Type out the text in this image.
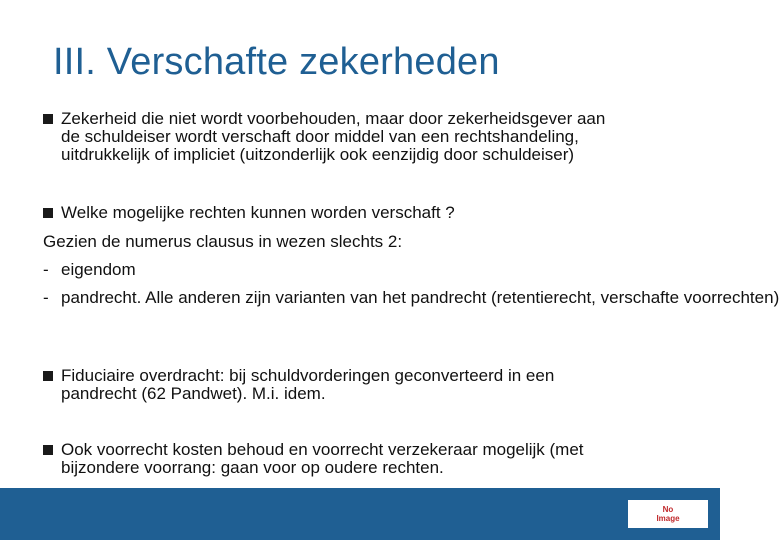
III. Verschafte zekerheden
Zekerheid die niet wordt voorbehouden, maar door zekerheidsgever aan
de schuldeiser wordt verschaft door middel van een rechtshandeling,
uitdrukkelijk of impliciet (uitzonderlijk ook eenzijdig door schuldeiser)
Welke mogelijke rechten kunnen worden verschaft ?
Gezien de numerus clausus in wezen slechts 2:
- eigendom
- pandrecht. Alle anderen zijn varianten van het pandrecht (retentierecht, verschafte voorrechten)
Fiduciaire overdracht: bij schuldvorderingen geconverteerd in een
pandrecht (62 Pandwet). M.i. idem.
Ook voorrecht kosten behoud en voorrecht verzekeraar mogelijk (met
bijzondere voorrang: gaan voor op oudere rechten.
No
Image
